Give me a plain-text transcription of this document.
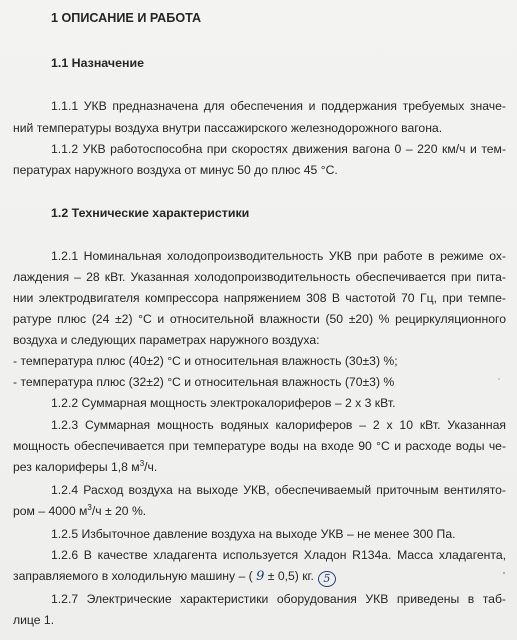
1 ОПИСАНИЕ И РАБОТА
1.1 Назначение
1.1.1 УКВ предназначена для обеспечения и поддержания требуемых значе-
ний температуры воздуха внутри пассажирского железнодорожного вагона.
1.1.2 УКВ работоспособна при скоростях движения вагона 0 – 220 км/ч и тем-
пературах наружного воздуха от минус 50 до плюс 45 °С.
1.2 Технические характеристики
1.2.1 Номинальная холодопроизводительность УКВ при работе в режиме ох-
лаждения – 28 кВт. Указанная холодопроизводительность обеспечивается при пита-
нии электродвигателя компрессора напряжением 308 В частотой 70 Гц, при темпе-
ратуре плюс (24 ±2) °С и относительной влажности (50 ±20) % рециркуляционного
воздуха и следующих параметрах наружного воздуха:
- температура плюс (40±2) °С и относительная влажность (30±3) %;
- температура плюс (32±2) °С и относительная влажность (70±3) %
1.2.2 Суммарная мощность электрокалориферов – 2 х 3 кВт.
1.2.3 Суммарная мощность водяных калориферов – 2 х 10 кВт. Указанная
мощность обеспечивается при температуре воды на входе 90 °С и расходе воды че-
рез калориферы 1,8 $м^3/ч$.
1.2.4 Расход воздуха на выходе УКВ, обеспечиваемый приточным вентилято-
ром – 4000 $м^3/ч \pm 20$ %.
1.2.5 Избыточное давление воздуха на выходе УКВ – не менее 300 Па.
1.2.6 В качестве хладагента используется Хладон R134a. Масса хладагента,
заправляемого в холодильную машину – ( 9 ± 0,5) кг. 5
1.2.7 Электрические характеристики оборудования УКВ приведены в таб-
лице 1.
